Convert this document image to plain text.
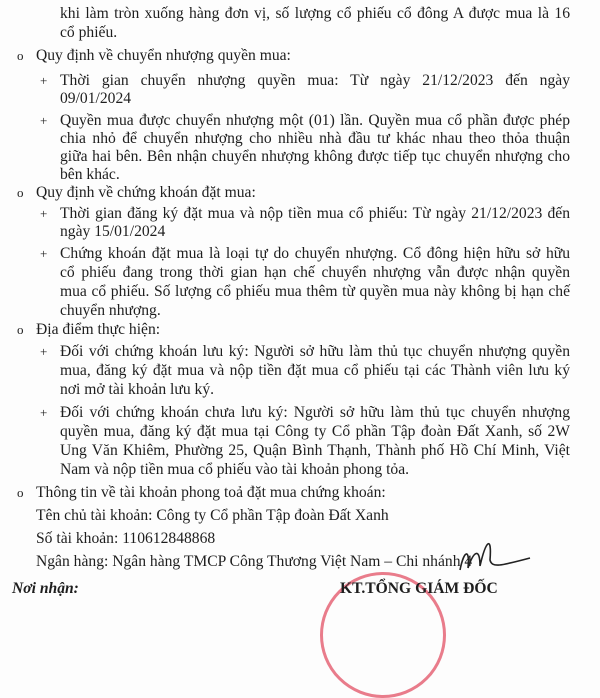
khi làm tròn xuống hàng đơn vị, số lượng cổ phiếu cổ đông A được mua là 16
cổ phiếu.
o Quy định về chuyển nhượng quyền mua:
+ Thời gian chuyển nhượng quyền mua: Từ ngày 21/12/2023 đến ngày
09/01/2024
+ Quyền mua được chuyển nhượng một (01) lần. Quyền mua cổ phần được phép
chia nhỏ để chuyển nhượng cho nhiều nhà đầu tư khác nhau theo thỏa thuận
giữa hai bên. Bên nhận chuyển nhượng không được tiếp tục chuyển nhượng cho
bên khác.
o Quy định về chứng khoán đặt mua:
+ Thời gian đăng ký đặt mua và nộp tiền mua cổ phiếu: Từ ngày 21/12/2023 đến
ngày 15/01/2024
+ Chứng khoán đặt mua là loại tự do chuyển nhượng. Cổ đông hiện hữu sở hữu
cổ phiếu đang trong thời gian hạn chế chuyển nhượng vẫn được nhận quyền
mua cổ phiếu. Số lượng cổ phiếu mua thêm từ quyền mua này không bị hạn chế
chuyển nhượng.
o Địa điểm thực hiện:
+ Đối với chứng khoán lưu ký: Người sở hữu làm thủ tục chuyển nhượng quyền
mua, đăng ký đặt mua và nộp tiền đặt mua cổ phiếu tại các Thành viên lưu ký
nơi mở tài khoản lưu ký.
+ Đối với chứng khoán chưa lưu ký: Người sở hữu làm thủ tục chuyển nhượng
quyền mua, đăng ký đặt mua tại Công ty Cổ phần Tập đoàn Đất Xanh, số 2W
Ung Văn Khiêm, Phường 25, Quận Bình Thạnh, Thành phố Hồ Chí Minh, Việt
Nam và nộp tiền mua cổ phiếu vào tài khoản phong tỏa.
o Thông tin về tài khoản phong toả đặt mua chứng khoán:
Tên chủ tài khoản: Công ty Cổ phần Tập đoàn Đất Xanh
Số tài khoản: 110612848868
Ngân hàng: Ngân hàng TMCP Công Thương Việt Nam – Chi nhánh 4
Nơi nhận:	KT.TỔNG GIÁM ĐỐC
